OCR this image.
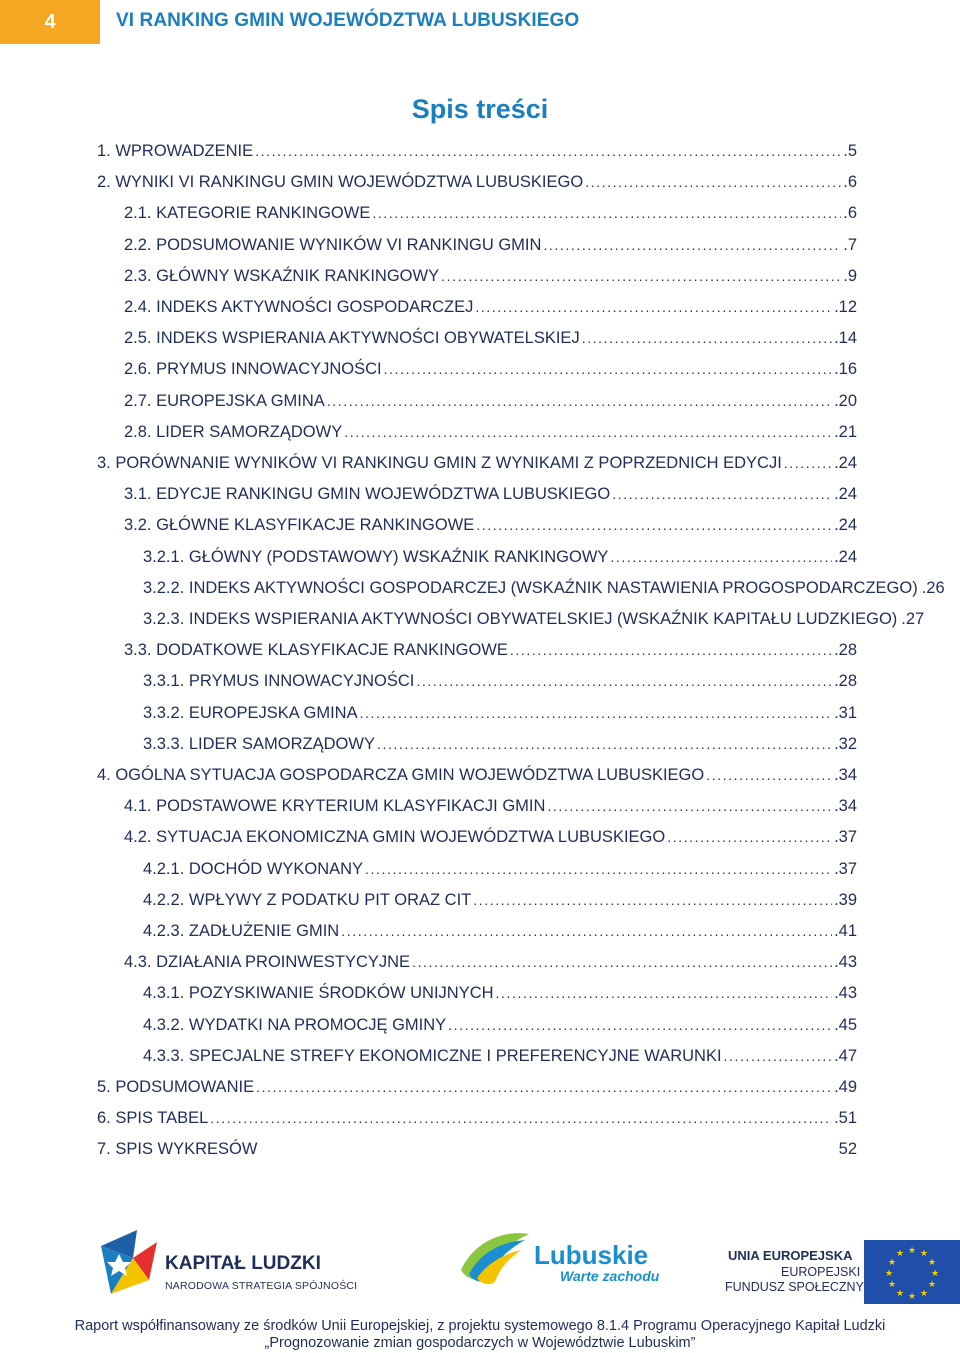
4	VI RANKING GMIN WOJEWÓDZTWA LUBUSKIEGO
Spis treści
1. WPROWADZENIE .....	.5
2. WYNIKI VI RANKINGU GMIN WOJEWÓDZTWA LUBUSKIEGO .....	.6
2.1. KATEGORIE RANKINGOWE .....	.6
2.2. PODSUMOWANIE WYNIKÓW VI RANKINGU GMIN .....	.7
2.3. GŁÓWNY WSKAŹNIK RANKINGOWY .....	.9
2.4. INDEKS AKTYWNOŚCI GOSPODARCZEJ .....	.12
2.5. INDEKS WSPIERANIA AKTYWNOŚCI OBYWATELSKIEJ .....	.14
2.6. PRYMUS INNOWACYJNOŚCI .....	.16
2.7. EUROPEJSKA GMINA .....	.20
2.8. LIDER SAMORZĄDOWY .....	.21
3. PORÓWNANIE WYNIKÓW VI RANKINGU GMIN Z WYNIKAMI Z POPRZEDNICH EDYCJI .....	.24
3.1. EDYCJE RANKINGU GMIN WOJEWÓDZTWA LUBUSKIEGO .....	.24
3.2. GŁÓWNE KLASYFIKACJE RANKINGOWE .....	.24
3.2.1. GŁÓWNY (PODSTAWOWY) WSKAŹNIK RANKINGOWY .....	.24
3.2.2. INDEKS AKTYWNOŚCI GOSPODARCZEJ (WSKAŹNIK NASTAWIENIA PROGOSPODARCZEGO) .26
3.2.3. INDEKS WSPIERANIA AKTYWNOŚCI OBYWATELSKIEJ (WSKAŹNIK KAPITAŁU LUDZKIEGO) .27
3.3. DODATKOWE KLASYFIKACJE RANKINGOWE .....	.28
3.3.1. PRYMUS INNOWACYJNOŚCI .....	.28
3.3.2. EUROPEJSKA GMINA .....	.31
3.3.3. LIDER SAMORZĄDOWY .....	.32
4. OGÓLNA SYTUACJA GOSPODARCZA GMIN WOJEWÓDZTWA LUBUSKIEGO .....	.34
4.1. PODSTAWOWE KRYTERIUM KLASYFIKACJI GMIN .....	.34
4.2. SYTUACJA EKONOMICZNA GMIN WOJEWÓDZTWA LUBUSKIEGO .....	.37
4.2.1. DOCHÓD WYKONANY .....	.37
4.2.2. WPŁYWY Z PODATKU PIT ORAZ CIT .....	.39
4.2.3. ZADŁUŻENIE GMIN .....	.41
4.3. DZIAŁANIA PROINWESTYCYJNE .....	.43
4.3.1. POZYSKIWANIE ŚRODKÓW UNIJNYCH .....	.43
4.3.2. WYDATKI NA PROMOCJĘ GMINY .....	.45
4.3.3. SPECJALNE STREFY EKONOMICZNE I PREFERENCYJNE WARUNKI .....	.47
5. PODSUMOWANIE .....	.49
6. SPIS TABEL .....	.51
7. SPIS WYKRESÓW	52
KAPITAŁ LUDZKI
NARODOWA STRATEGIA SPÓJNOŚCI
Lubuskie
Warte zachodu
UNIA EUROPEJSKA
EUROPEJSKI
FUNDUSZ SPOŁECZNY
★ ★
★
★
★
★
★
★
★
★
★
★
Raport współfinansowany ze środków Unii Europejskiej, z projektu systemowego 8.1.4 Programu Operacyjnego Kapitał Ludzki
„Prognozowanie zmian gospodarczych w Województwie Lubuskim”
